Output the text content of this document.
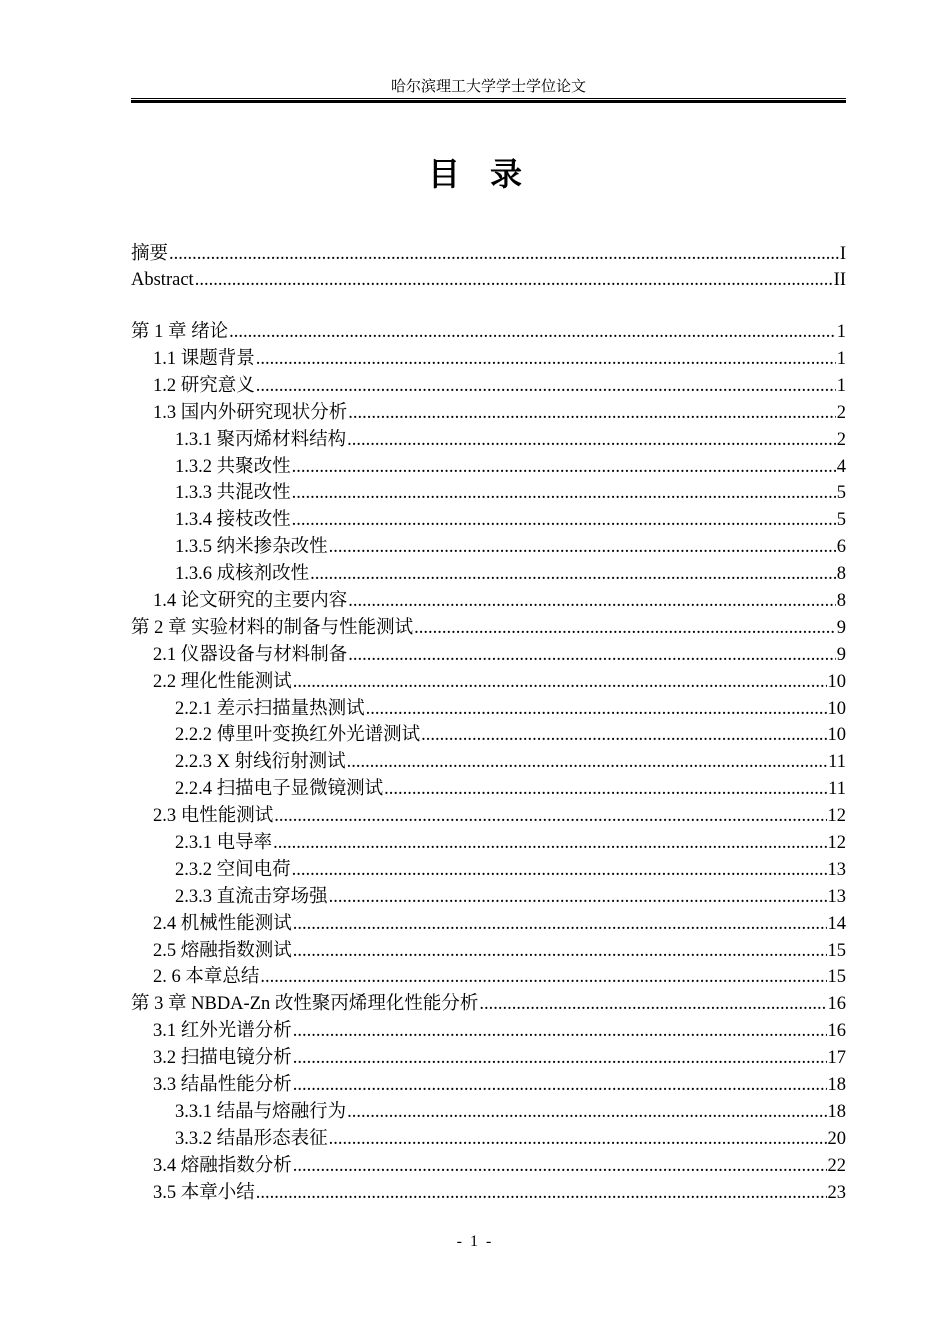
哈尔滨理工大学学士学位论文
目录
摘要 .....	I
Abstract .....	II
第 1 章 绪论 .....	1
1.1 课题背景 .....	1
1.2 研究意义 .....	1
1.3 国内外研究现状分析 .....	2
1.3.1 聚丙烯材料结构 .....	2
1.3.2 共聚改性 .....	4
1.3.3 共混改性 .....	5
1.3.4 接枝改性 .....	5
1.3.5 纳米掺杂改性 .....	6
1.3.6 成核剂改性 .....	8
1.4 论文研究的主要内容 .....	8
第 2 章 实验材料的制备与性能测试 .....	9
2.1 仪器设备与材料制备 .....	9
2.2 理化性能测试 .....	10
2.2.1 差示扫描量热测试 .....	10
2.2.2 傅里叶变换红外光谱测试 .....	10
2.2.3 X 射线衍射测试 .....	11
2.2.4 扫描电子显微镜测试 .....	11
2.3 电性能测试 .....	12
2.3.1 电导率 .....	12
2.3.2 空间电荷 .....	13
2.3.3 直流击穿场强 .....	13
2.4 机械性能测试 .....	14
2.5 熔融指数测试 .....	15
2. 6 本章总结 .....	15
第 3 章 NBDA-Zn 改性聚丙烯理化性能分析 .....	16
3.1 红外光谱分析 .....	16
3.2 扫描电镜分析 .....	17
3.3 结晶性能分析 .....	18
3.3.1 结晶与熔融行为 .....	18
3.3.2 结晶形态表征 .....	20
3.4 熔融指数分析 .....	22
3.5 本章小结 .....	23
- 1 -
